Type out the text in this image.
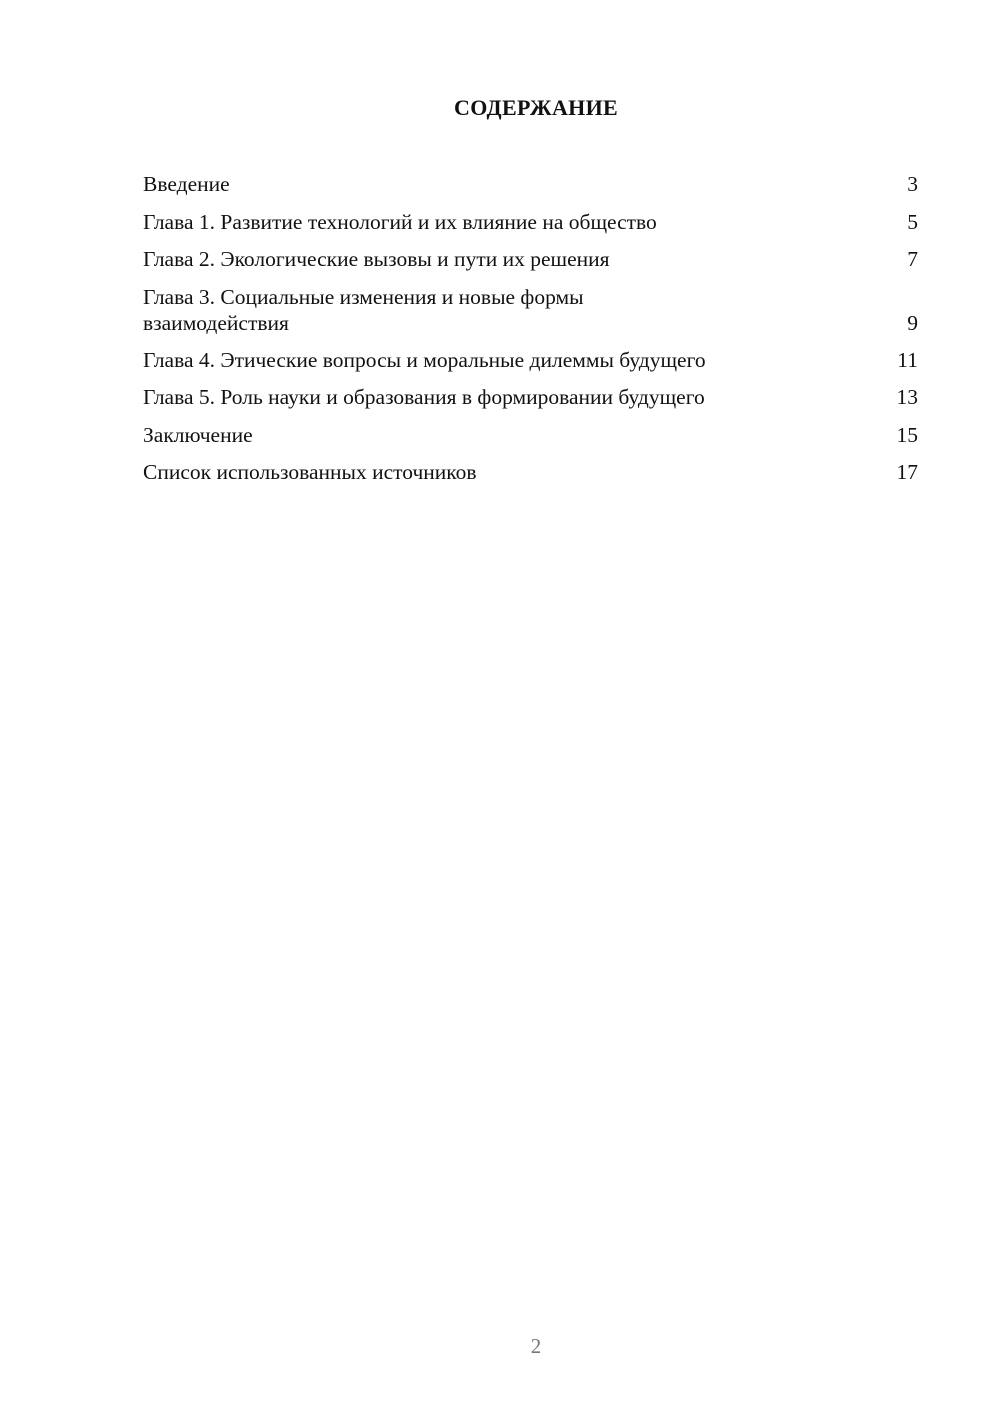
СОДЕРЖАНИЕ
Введение	3
Глава 1. Развитие технологий и их влияние на общество	5
Глава 2. Экологические вызовы и пути их решения	7
Глава 3. Социальные изменения и новые формы взаимодействия	9
Глава 4. Этические вопросы и моральные дилеммы будущего	11
Глава 5. Роль науки и образования в формировании будущего	13
Заключение	15
Список использованных источников	17
2
